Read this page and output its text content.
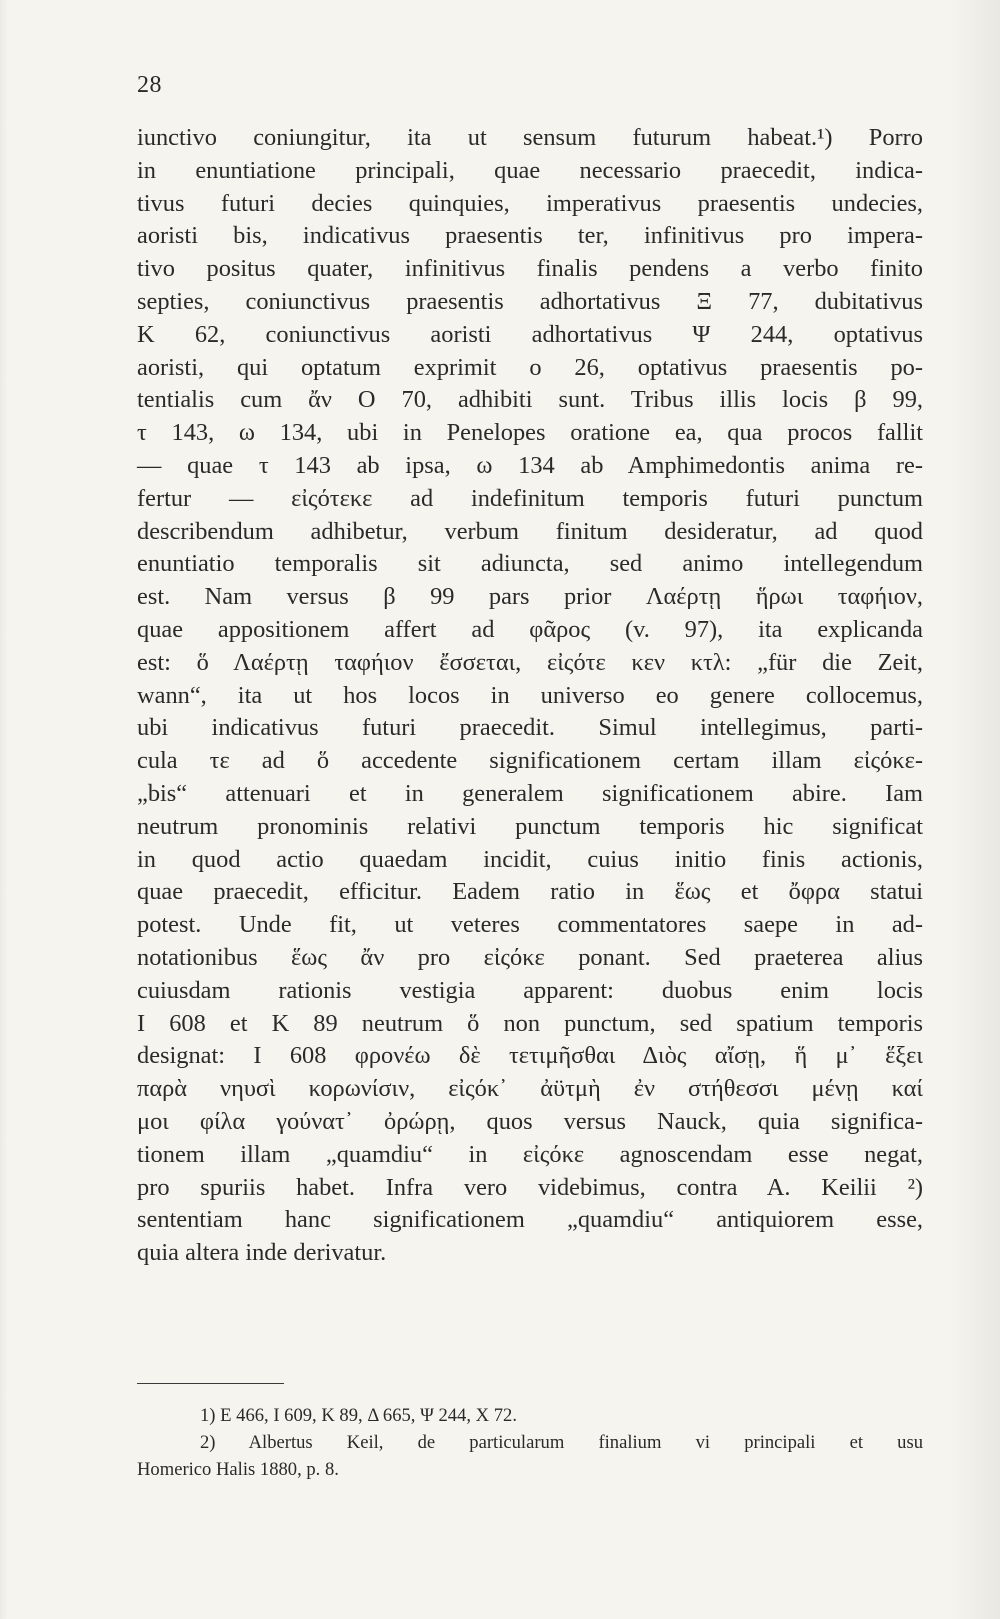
28
iunctivo coniungitur, ita ut sensum futurum habeat.¹) Porro
in enuntiatione principali, quae necessario praecedit, indica-
tivus futuri decies quinquies, imperativus praesentis undecies,
aoristi bis, indicativus praesentis ter, infinitivus pro impera-
tivo positus quater, infinitivus finalis pendens a verbo finito
septies, coniunctivus praesentis adhortativus Ξ 77, dubitativus
K 62, coniunctivus aoristi adhortativus Ψ 244, optativus
aoristi, qui optatum exprimit ο 26, optativus praesentis po-
tentialis cum ἄν O 70, adhibiti sunt. Tribus illis locis β 99,
τ 143, ω 134, ubi in Penelopes oratione ea, qua procos fallit
— quae τ 143 ab ipsa, ω 134 ab Amphimedontis anima re-
fertur — εἰςότεκε ad indefinitum temporis futuri punctum
describendum adhibetur, verbum finitum desideratur, ad quod
enuntiatio temporalis sit adiuncta, sed animo intellegendum
est. Nam versus β 99 pars prior Λαέρτῃ ἥρωι ταφήιον,
quae appositionem affert ad φᾶρος (v. 97), ita explicanda
est: ὅ Λαέρτῃ ταφήιον ἔσσεται, εἰςότε κεν κτλ: „für die Zeit,
wann“, ita ut hos locos in universo eo genere collocemus,
ubi indicativus futuri praecedit. Simul intellegimus, parti-
cula τε ad ὅ accedente significationem certam illam εἰςόκε-
„bis“ attenuari et in generalem significationem abire. Iam
neutrum pronominis relativi punctum temporis hic significat
in quod actio quaedam incidit, cuius initio finis actionis,
quae praecedit, efficitur. Eadem ratio in ἕως et ὄφρα statui
potest. Unde fit, ut veteres commentatores saepe in ad-
notationibus ἕως ἄν pro εἰςόκε ponant. Sed praeterea alius
cuiusdam rationis vestigia apparent: duobus enim locis
I 608 et K 89 neutrum ὅ non punctum, sed spatium temporis
designat: I 608 φρονέω δὲ τετιμῆσθαι Διὸς αἴσῃ, ἥ μ᾽ ἕξει
παρὰ νηυσὶ κορωνίσιν, εἰςόκ᾽ ἀϋτμὴ ἐν στήθεσσι μένῃ καί
μοι φίλα γούνατ᾽ ὀρώρῃ, quos versus Nauck, quia significa-
tionem illam „quamdiu“ in εἰςόκε agnoscendam esse negat,
pro spuriis habet. Infra vero videbimus, contra A. Keilii ²)
sententiam hanc significationem „quamdiu“ antiquiorem esse,
quia altera inde derivatur.
1) E 466, I 609, K 89, Δ 665, Ψ 244, X 72.
2) Albertus Keil, de particularum finalium vi principali et usu
Homerico Halis 1880, p. 8.
